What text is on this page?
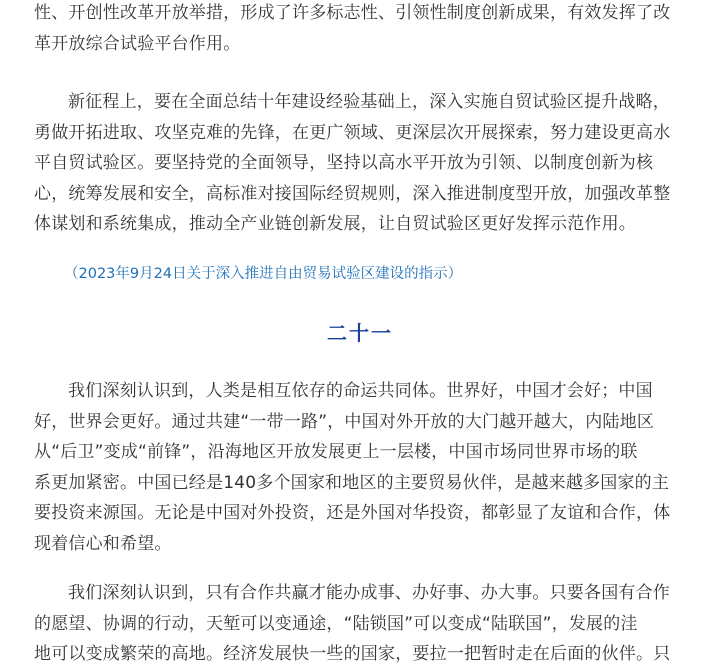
性、开创性改革开放举措，形成了许多标志性、引领性制度创新成果，有效发挥了改
革开放综合试验平台作用。
新征程上，要在全面总结十年建设经验基础上，深入实施自贸试验区提升战略，
勇做开拓进取、攻坚克难的先锋，在更广领域、更深层次开展探索，努力建设更高水
平自贸试验区。要坚持党的全面领导，坚持以高水平开放为引领、以制度创新为核
心，统筹发展和安全，高标准对接国际经贸规则，深入推进制度型开放，加强改革整
体谋划和系统集成，推动全产业链创新发展，让自贸试验区更好发挥示范作用。

（2023年9月24日关于深入推进自由贸易试验区建设的指示）

二十一
我们深刻认识到，人类是相互依存的命运共同体。世界好，中国才会好；中国
好，世界会更好。通过共建“一带一路”，中国对外开放的大门越开越大，内陆地区
从“后卫”变成“前锋”，沿海地区开放发展更上一层楼，中国市场同世界市场的联
系更加紧密。中国已经是140多个国家和地区的主要贸易伙伴，是越来越多国家的主
要投资来源国。无论是中国对外投资，还是外国对华投资，都彰显了友谊和合作，体
现着信心和希望。
我们深刻认识到，只有合作共赢才能办成事、办好事、办大事。只要各国有合作
的愿望、协调的行动，天堑可以变通途，“陆锁国”可以变成“陆联国”，发展的洼
地可以变成繁荣的高地。经济发展快一些的国家，要拉一把暂时走在后面的伙伴。只
